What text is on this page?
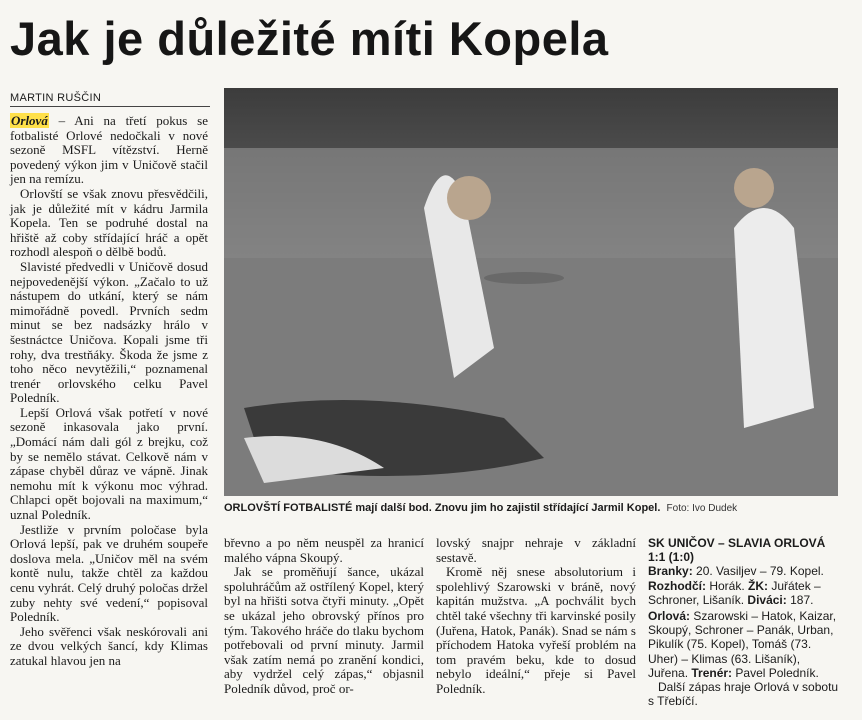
Jak je důležité míti Kopela
MARTIN RUŠČIN

Orlová – Ani na třetí pokus se fotbalisté Orlové nedočkali v nové sezoně MSFL vítězství. Herně povedený výkon jim v Uničově stačil jen na remízu.

Orlovští se však znovu přesvědčili, jak je důležité mít v kádru Jarmila Kopela. Ten se podruhé dostal na hřiště až coby střídající hráč a opět rozhodl alespoň o dělbě bodů.

Slavisté předvedli v Uničově dosud nejpovedenější výkon. „Začalo to už nástupem do utkání, který se nám mimořádně povedl. Prvních sedm minut se bez nadsázky hrálo v šestnáctce Uničova. Kopali jsme tři rohy, dva trestňáky. Škoda že jsme z toho něco nevytěžili,“ poznamenal trenér orlovského celku Pavel Poledník.

Lepší Orlová však potřetí v nové sezoně inkasovala jako první. „Domácí nám dali gól z brejku, což by se nemělo stávat. Celkově nám v zápase chyběl důraz ve vápně. Jinak nemohu mít k výkonu moc výhrad. Chlapci opět bojovali na maximum,“ uznal Poledník.

Jestliže v prvním poločase byla Orlová lepší, pak ve druhém soupeře doslova mela. „Uničov měl na svém kontě nulu, takže chtěl za každou cenu vyhrát. Celý druhý poločas držel zuby nehty své vedení,“ popisoval Poledník.

Jeho svěřenci však neskórovali ani ze dvou velkých šancí, kdy Klimas zatukal hlavou jen na

ORLOVŠTÍ FOTBALISTÉ mají další bod. Znovu jim ho zajistil střídající Jarmil Kopel. Foto: Ivo Dudek

břevno a po něm neuspěl za hranicí malého vápna Skoupý.

Jak se proměňují šance, ukázal spoluhráčům až ostřílený Kopel, který byl na hřišti sotva čtyři minuty. „Opět se ukázal jeho obrovský přínos pro tým. Takového hráče do tlaku bychom potřebovali od první minuty. Jarmil však zatím nemá po zranění kondici, aby vydržel celý zápas,“ objasnil Poledník důvod, proč or-

lovský snajpr nehraje v základní sestavě.

Kromě něj snese absolutorium i spolehlivý Szarowski v bráně, nový kapitán mužstva. „A pochválit bych chtěl také všechny tři karvinské posily (Juřena, Hatok, Panák). Snad se nám s příchodem Hatoka vyřeší problém na tom pravém beku, kde to dosud nebylo ideální,“ přeje si Pavel Poledník.

SK UNIČOV – SLAVIA ORLOVÁ 1:1 (1:0)

Branky: 20. Vasiljev – 79. Kopel. Rozhodčí: Horák. ŽK: Juřátek – Schroner, Lišaník. Diváci: 187.

Orlová: Szarowski – Hatok, Kaizar, Skoupý, Schroner – Panák, Urban, Pikulík (75. Kopel), Tomáš (73. Uher) – Klimas (63. Lišaník), Juřena. Trenér: Pavel Poledník.

Další zápas hraje Orlová v sobotu s Třebíčí.
